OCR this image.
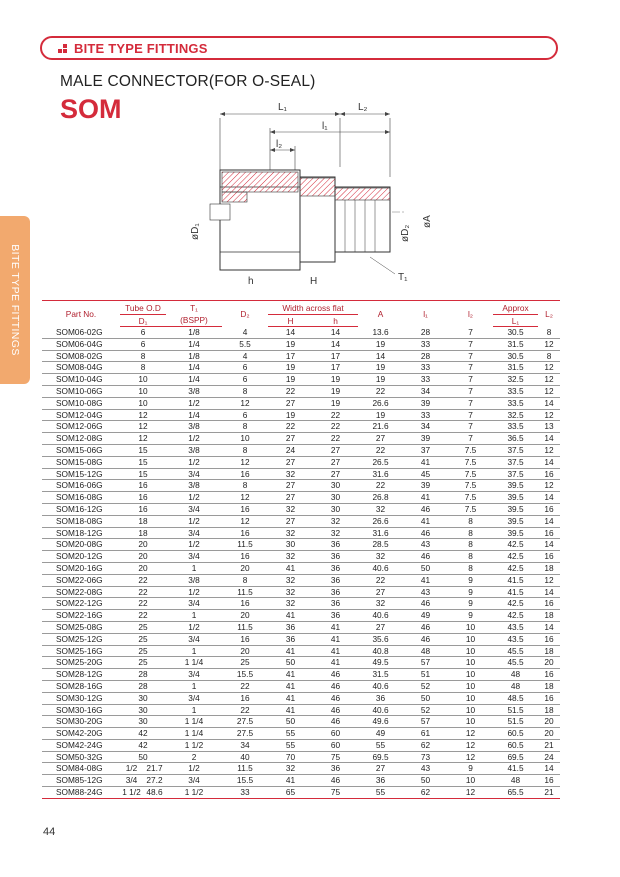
BITE TYPE FITTINGS
MALE CONNECTOR(FOR O-SEAL)
SOM
BITE TYPE FITTINGS
L₁	L₂
l₁
l₂
øD₁	øD₂
øA
h	H	T₁
Part No.	Tube O.D	T₁	D₂	Width across flat		A	l₁	l₂	Approx	L₂
	D₁	(BSPP)		H	h				L₁	
SOM06-02G	6	1/8	4	14	14	13.6	28	7	30.5	8
SOM06-04G	6	1/4	5.5	19	14	19	33	7	31.5	12
SOM08-02G	8	1/8	4	17	17	14	28	7	30.5	8
SOM08-04G	8	1/4	6	19	17	19	33	7	31.5	12
SOM10-04G	10	1/4	6	19	19	19	33	7	32.5	12
SOM10-06G	10	3/8	8	22	19	22	34	7	33.5	12
SOM10-08G	10	1/2	12	27	19	26.6	39	7	33.5	14
SOM12-04G	12	1/4	6	19	22	19	33	7	32.5	12
SOM12-06G	12	3/8	8	22	22	21.6	34	7	33.5	13
SOM12-08G	12	1/2	10	27	22	27	39	7	36.5	14
SOM15-06G	15	3/8	8	24	27	22	37	7.5	37.5	12
SOM15-08G	15	1/2	12	27	27	26.5	41	7.5	37.5	14
SOM15-12G	15	3/4	16	32	27	31.6	45	7.5	37.5	16
SOM16-06G	16	3/8	8	27	30	22	39	7.5	39.5	12
SOM16-08G	16	1/2	12	27	30	26.8	41	7.5	39.5	14
SOM16-12G	16	3/4	16	32	30	32	46	7.5	39.5	16
SOM18-08G	18	1/2	12	27	32	26.6	41	8	39.5	14
SOM18-12G	18	3/4	16	32	32	31.6	46	8	39.5	16
SOM20-08G	20	1/2	11.5	30	36	28.5	43	8	42.5	14
SOM20-12G	20	3/4	16	32	36	32	46	8	42.5	16
SOM20-16G	20	1	20	41	36	40.6	50	8	42.5	18
SOM22-06G	22	3/8	8	32	36	22	41	9	41.5	12
SOM22-08G	22	1/2	11.5	32	36	27	43	9	41.5	14
SOM22-12G	22	3/4	16	32	36	32	46	9	42.5	16
SOM22-16G	22	1	20	41	36	40.6	49	9	42.5	18
SOM25-08G	25	1/2	11.5	36	41	27	46	10	43.5	14
SOM25-12G	25	3/4	16	36	41	35.6	46	10	43.5	16
SOM25-16G	25	1	20	41	41	40.8	48	10	45.5	18
SOM25-20G	25	1 1/4	25	50	41	49.5	57	10	45.5	20
SOM28-12G	28	3/4	15.5	41	46	31.5	51	10	48	16
SOM28-16G	28	1	22	41	46	40.6	52	10	48	18
SOM30-12G	30	3/4	16	41	46	36	50	10	48.5	16
SOM30-16G	30	1	22	41	46	40.6	52	10	51.5	18
SOM30-20G	30	1 1/4	27.5	50	46	49.6	57	10	51.5	20
SOM42-20G	42	1 1/4	27.5	55	60	49	61	12	60.5	20
SOM42-24G	42	1 1/2	34	55	60	55	62	12	60.5	21
SOM50-32G	50	2	40	70	75	69.5	73	12	69.5	24
SOM84-08G	1/2 21.7	1/2	11.5	32	36	27	43	9	41.5	14
SOM85-12G	3/4 27.2	3/4	15.5	41	46	36	50	10	48	16
SOM88-24G	1 1/2 48.6	1 1/2	33	65	75	55	62	12	65.5	21
44
